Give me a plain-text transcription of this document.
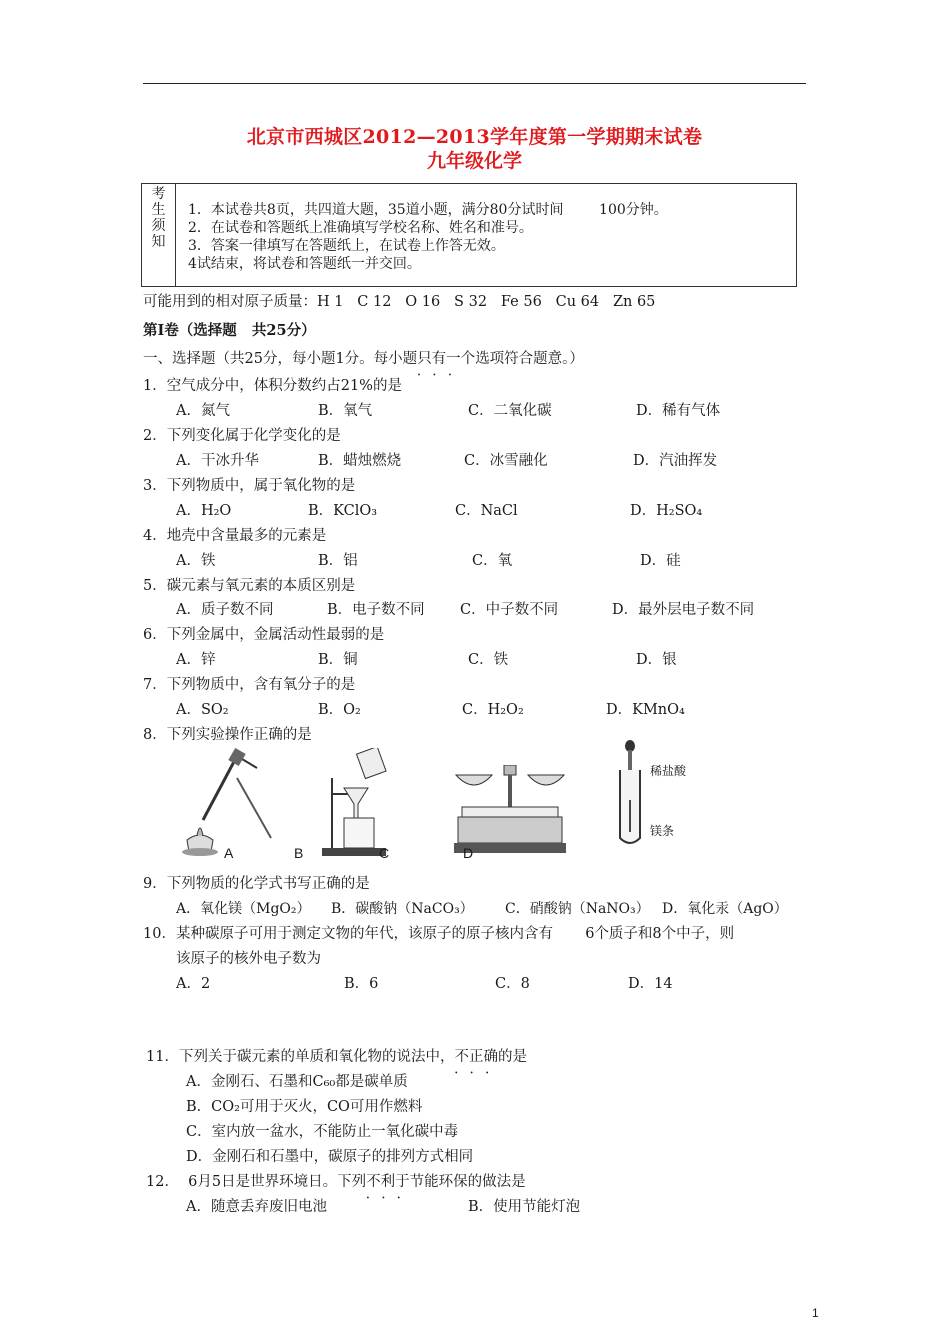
北京市西城区2012—2013学年度第一学期期末试卷
九年级化学
考
生
须
知
1．本试卷共8页，共四道大题，35道小题，满分80分试时间        100分钟。
2．在试卷和答题纸上准确填写学校名称、姓名和准号。
3．答案一律填写在答题纸上，在试卷上作答无效。
4试结束，将试卷和答题纸一并交回。
可能用到的相对原子质量：H 1   C 12   O 16   S 32   Fe 56   Cu 64   Zn 65
第Ⅰ卷（选择题   共25分）
一、选择题（共25分，每小题1分。每小题只有一个 • • •选项符合题意。）
1．空气成分中，体积分数约占21%的是
A．氮气	B．氧气	C．二氧化碳	D．稀有气体
2．下列变化属于化学变化的是
A．干冰升华	B．蜡烛燃烧	C．冰雪融化	D．汽油挥发
3．下列物质中，属于氧化物的是
A．H₂O	B．KClO₃	C．NaCl	D．H₂SO₄
4．地壳中含量最多的元素是
A．铁	B．铝	C．氧	D．硅
5．碳元素与氧元素的本质区别是
A．质子数不同	B．电子数不同 C．中子数不同	D．最外层电子数不同
6．下列金属中，金属活动性最弱的是
A．锌	B．铜	C．铁	D．银
7．下列物质中，含有氧分子的是
A．SO₂	B．O₂	C．H₂O₂	D．KMnO₄
8．下列实验操作正确的是
A	B
稀盐酸
镁条
9．下列物质的化学式书写正确的是
A．氧化镁（MgO₂） B．碳酸钠（NaCO₃） C．硝酸钠（NaNO₃） D．氧化汞（AgO）
10．某种碳原子可用于测定文物的年代，该原子的原子核内含有       6个质子和8个中子，则
该原子的核外电子数为
A．2	B．6	C．8	D．14
11．下列关于碳元素的单质和氧化物的说法中，不正确 • • •的是
A．金刚石、石墨和C₆₀都是碳单质
B．CO₂可用于灭火，CO可用作燃料
C．室内放一盆水，不能防止一氧化碳中毒
D．金刚石和石墨中，碳原子的排列方式相同
12．  6月5日是世界环境日。下列不利于 • • •节能环保的做法是
A．随意丢弃废旧电池	B．使用节能灯泡
1
C	D
